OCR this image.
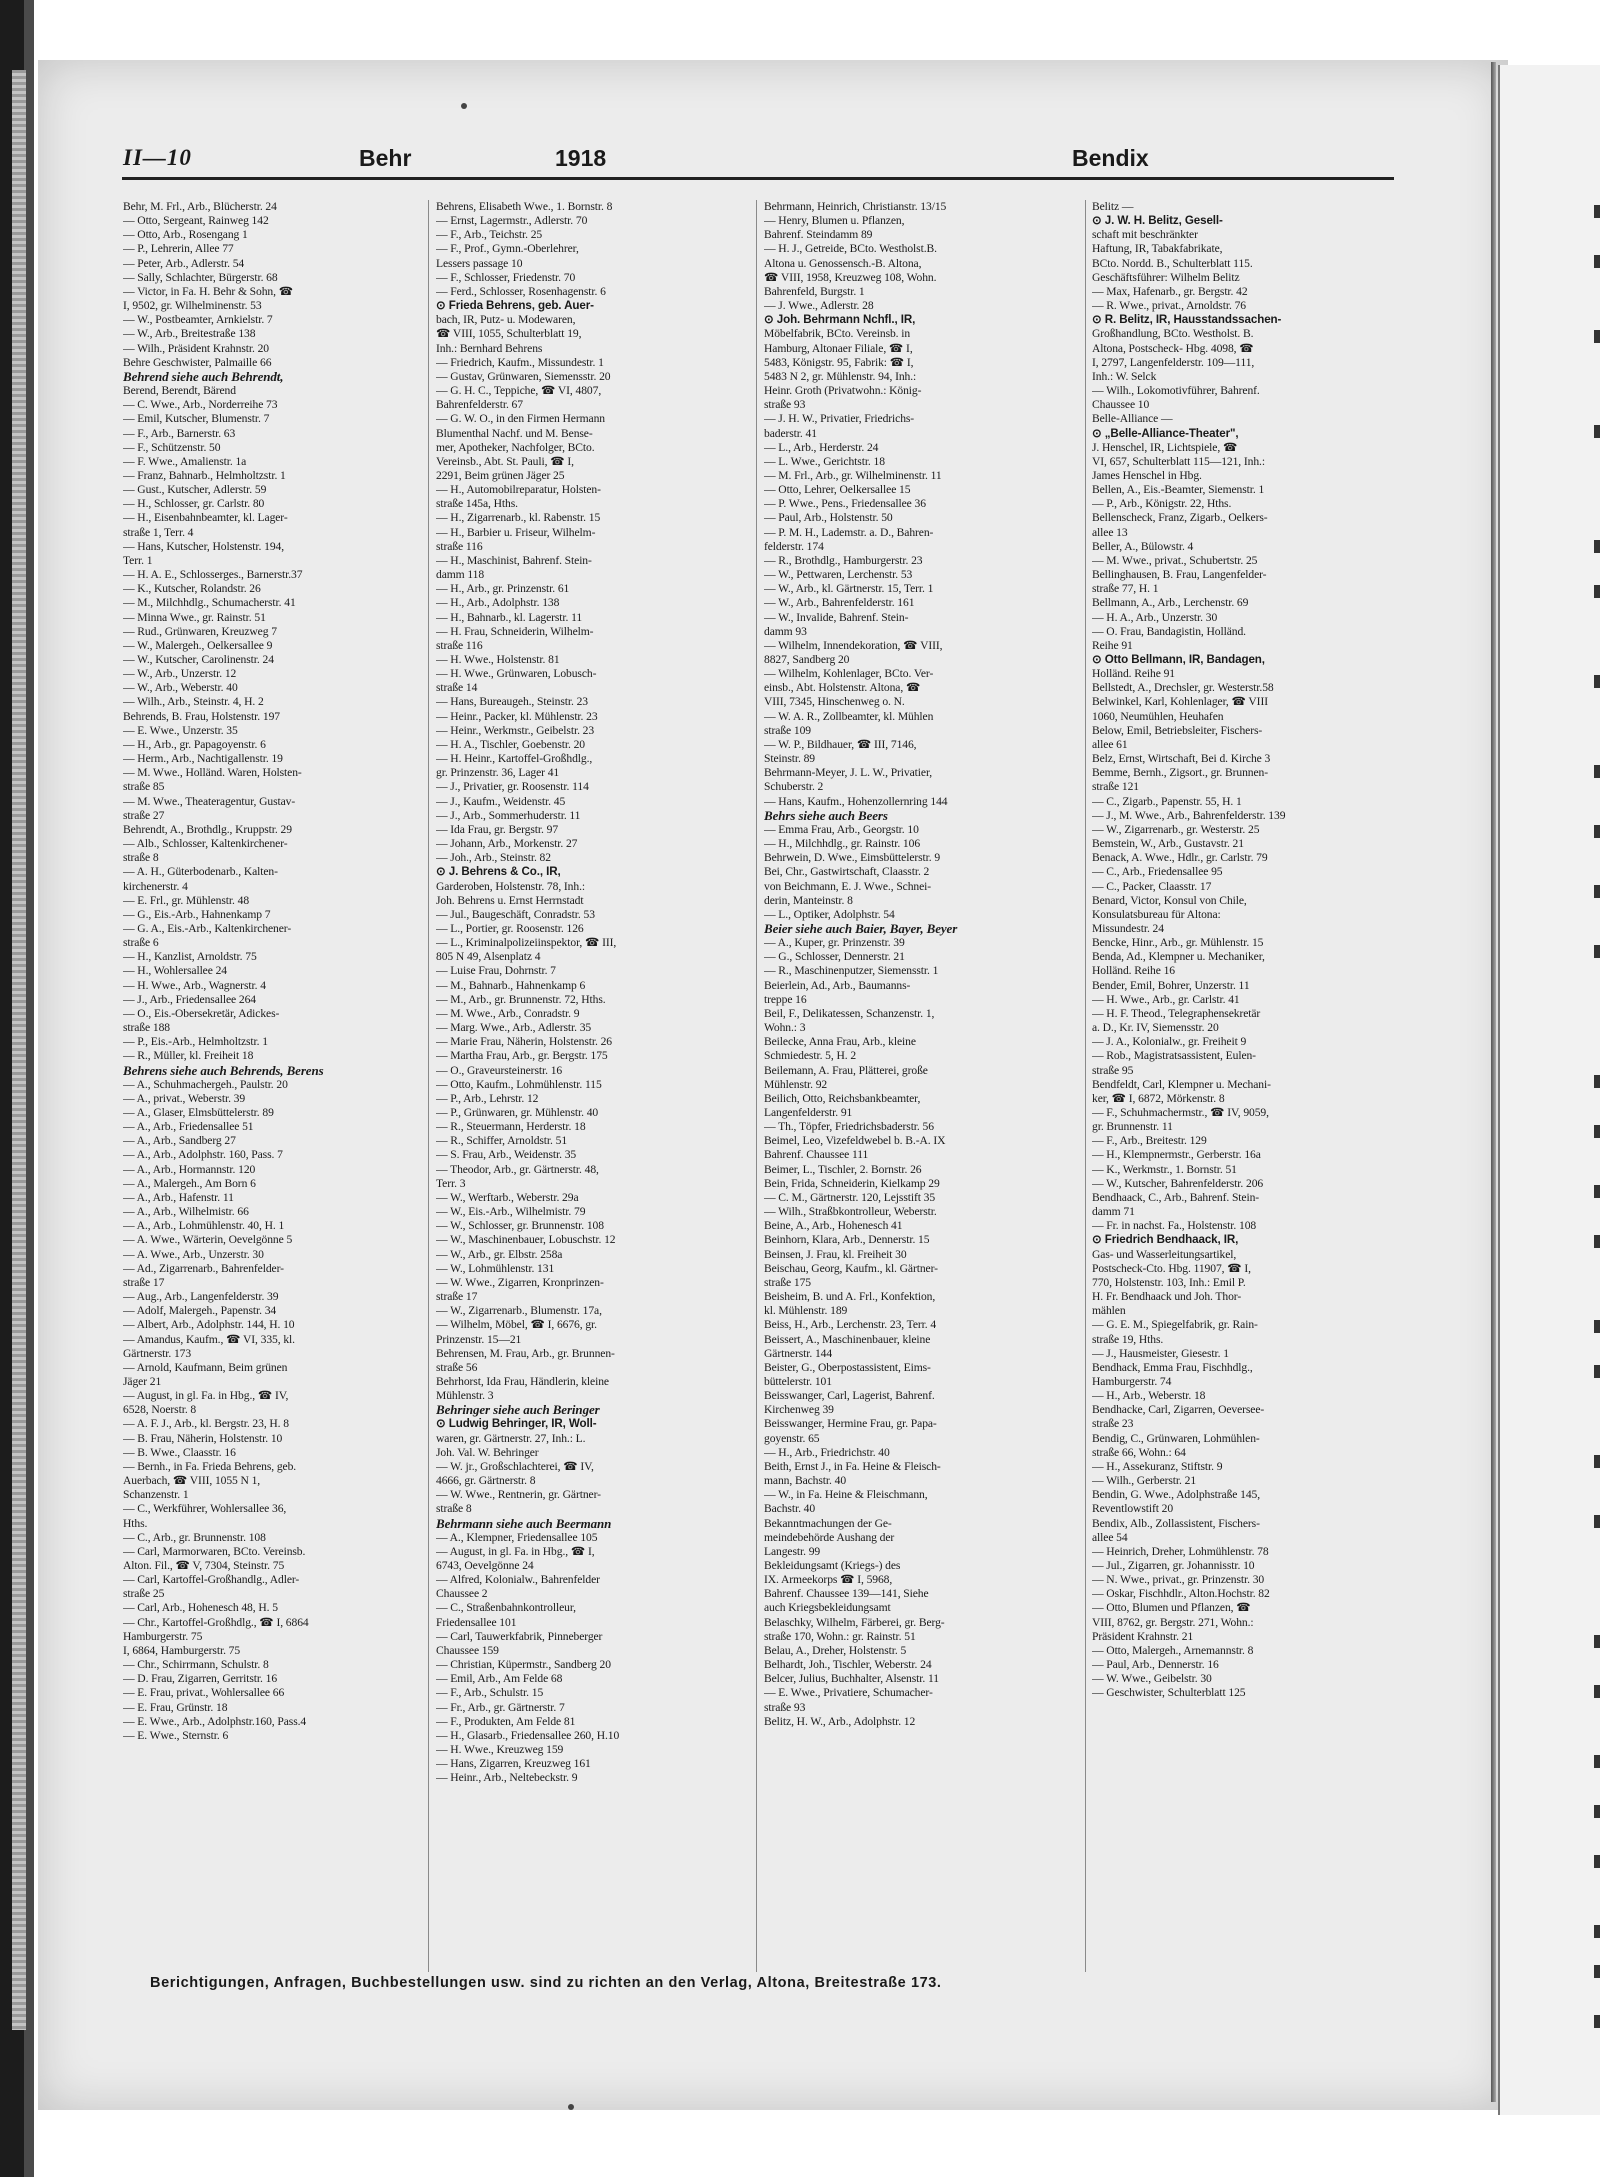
II—10	Behr	1918	Bendix
Behr, M. Frl., Arb., Blücherstr. 24
— Otto, Sergeant, Rainweg 142
— Otto, Arb., Rosengang 1
— P., Lehrerin, Allee 77
— Peter, Arb., Adlerstr. 54
— Sally, Schlachter, Bürgerstr. 68
— Victor, in Fa. H. Behr & Sohn, ☎
I, 9502, gr. Wilhelminenstr. 53
— W., Postbeamter, Arnkielstr. 7
— W., Arb., Breitestraße 138
— Wilh., Präsident Krahnstr. 20
Behre Geschwister, Palmaille 66
Behrend siehe auch Behrendt,
Berend, Berendt, Bärend
— C. Wwe., Arb., Norderreihe 73
— Emil, Kutscher, Blumenstr. 7
— F., Arb., Barnerstr. 63
— F., Schützenstr. 50
— F. Wwe., Amalienstr. 1a
— Franz, Bahnarb., Helmholtzstr. 1
— Gust., Kutscher, Adlerstr. 59
— H., Schlosser, gr. Carlstr. 80
— H., Eisenbahnbeamter, kl. Lager-
straße 1, Terr. 4
— Hans, Kutscher, Holstenstr. 194,
Terr. 1
— H. A. E., Schlosserges., Barnerstr.37
— K., Kutscher, Rolandstr. 26
— M., Milchhdlg., Schumacherstr. 41
— Minna Wwe., gr. Rainstr. 51
— Rud., Grünwaren, Kreuzweg 7
— W., Malergeh., Oelkersallee 9
— W., Kutscher, Carolinenstr. 24
— W., Arb., Unzerstr. 12
— W., Arb., Weberstr. 40
— Wilh., Arb., Steinstr. 4, H. 2
Behrends, B. Frau, Holstenstr. 197
— E. Wwe., Unzerstr. 35
— H., Arb., gr. Papagoyenstr. 6
— Herm., Arb., Nachtigallenstr. 19
— M. Wwe., Holländ. Waren, Holsten-
straße 85
— M. Wwe., Theateragentur, Gustav-
straße 27
Behrendt, A., Brothdlg., Kruppstr. 29
— Alb., Schlosser, Kaltenkirchener-
straße 8
— A. H., Güterbodenarb., Kalten-
kirchenerstr. 4
— E. Frl., gr. Mühlenstr. 48
— G., Eis.-Arb., Hahnenkamp 7
— G. A., Eis.-Arb., Kaltenkirchener-
straße 6
— H., Kanzlist, Arnoldstr. 75
— H., Wohlersallee 24
— H. Wwe., Arb., Wagnerstr. 4
— J., Arb., Friedensallee 264
— O., Eis.-Obersekretär, Adickes-
straße 188
— P., Eis.-Arb., Helmholtzstr. 1
— R., Müller, kl. Freiheit 18
Behrens siehe auch Behrends, Berens
— A., Schuhmachergeh., Paulstr. 20
— A., privat., Weberstr. 39
— A., Glaser, Elmsbüttelerstr. 89
— A., Arb., Friedensallee 51
— A., Arb., Sandberg 27
— A., Arb., Adolphstr. 160, Pass. 7
— A., Arb., Hormannstr. 120
— A., Malergeh., Am Born 6
— A., Arb., Hafenstr. 11
— A., Arb., Wilhelmistr. 66
— A., Arb., Lohmühlenstr. 40, H. 1
— A. Wwe., Wärterin, Oevelgönne 5
— A. Wwe., Arb., Unzerstr. 30
— Ad., Zigarrenarb., Bahrenfelder-
straße 17
— Aug., Arb., Langenfelderstr. 39
— Adolf, Malergeh., Papenstr. 34
— Albert, Arb., Adolphstr. 144, H. 10
— Amandus, Kaufm., ☎ VI, 335, kl.
Gärtnerstr. 173
— Arnold, Kaufmann, Beim grünen
Jäger 21
— August, in gl. Fa. in Hbg., ☎ IV,
6528, Noerstr. 8
— A. F. J., Arb., kl. Bergstr. 23, H. 8
— B. Frau, Näherin, Holstenstr. 10
— B. Wwe., Claasstr. 16
— Bernh., in Fa. Frieda Behrens, geb.
Auerbach, ☎ VIII, 1055 N 1,
Schanzenstr. 1
— C., Werkführer, Wohlersallee 36,
Hths.
— C., Arb., gr. Brunnenstr. 108
— Carl, Marmorwaren, BCto. Vereinsb.
Alton. Fil., ☎ V, 7304, Steinstr. 75
— Carl, Kartoffel-Großhandlg., Adler-
straße 25
— Carl, Arb., Hohenesch 48, H. 5
— Chr., Kartoffel-Großhdlg., ☎ I, 6864
Hamburgerstr. 75
I, 6864, Hamburgerstr. 75
— Chr., Schirrmann, Schulstr. 8
— D. Frau, Zigarren, Gerritstr. 16
— E. Frau, privat., Wohlersallee 66
— E. Frau, Grünstr. 18
— E. Wwe., Arb., Adolphstr.160, Pass.4
— E. Wwe., Sternstr. 6
Behrens, Elisabeth Wwe., 1. Bornstr. 8
— Ernst, Lagermstr., Adlerstr. 70
— F., Arb., Teichstr. 25
— F., Prof., Gymn.-Oberlehrer,
Lessers passage 10
— F., Schlosser, Friedenstr. 70
— Ferd., Schlosser, Rosenhagenstr. 6
⊙ Frieda Behrens, geb. Auer-
bach, IR, Putz- u. Modewaren,
☎ VIII, 1055, Schulterblatt 19,
Inh.: Bernhard Behrens
— Friedrich, Kaufm., Missundestr. 1
— Gustav, Grünwaren, Siemensstr. 20
— G. H. C., Teppiche, ☎ VI, 4807,
Bahrenfelderstr. 67
— G. W. O., in den Firmen Hermann
Blumenthal Nachf. und M. Bense-
mer, Apotheker, Nachfolger, BCto.
Vereinsb., Abt. St. Pauli, ☎ I,
2291, Beim grünen Jäger 25
— H., Automobilreparatur, Holsten-
straße 145a, Hths.
— H., Zigarrenarb., kl. Rabenstr. 15
— H., Barbier u. Friseur, Wilhelm-
straße 116
— H., Maschinist, Bahrenf. Stein-
damm 118
— H., Arb., gr. Prinzenstr. 61
— H., Arb., Adolphstr. 138
— H., Bahnarb., kl. Lagerstr. 11
— H. Frau, Schneiderin, Wilhelm-
straße 116
— H. Wwe., Holstenstr. 81
— H. Wwe., Grünwaren, Lobusch-
straße 14
— Hans, Bureaugeh., Steinstr. 23
— Heinr., Packer, kl. Mühlenstr. 23
— Heinr., Werkmstr., Geibelstr. 23
— H. A., Tischler, Goebenstr. 20
— H. Heinr., Kartoffel-Großhdlg.,
gr. Prinzenstr. 36, Lager 41
— J., Privatier, gr. Roosenstr. 114
— J., Kaufm., Weidenstr. 45
— J., Arb., Sommerhuderstr. 11
— Ida Frau, gr. Bergstr. 97
— Johann, Arb., Morkenstr. 27
— Joh., Arb., Steinstr. 82
⊙ J. Behrens & Co., IR,
Garderoben, Holstenstr. 78, Inh.:
Joh. Behrens u. Ernst Herrnstadt
— Jul., Baugeschäft, Conradstr. 53
— L., Portier, gr. Roosenstr. 126
— L., Kriminalpolizeiinspektor, ☎ III,
805 N 49, Alsenplatz 4
— Luise Frau, Dohrnstr. 7
— M., Bahnarb., Hahnenkamp 6
— M., Arb., gr. Brunnenstr. 72, Hths.
— M. Wwe., Arb., Conradstr. 9
— Marg. Wwe., Arb., Adlerstr. 35
— Marie Frau, Näherin, Holstenstr. 26
— Martha Frau, Arb., gr. Bergstr. 175
— O., Graveursteinerstr. 16
— Otto, Kaufm., Lohmühlenstr. 115
— P., Arb., Lehrstr. 12
— P., Grünwaren, gr. Mühlenstr. 40
— R., Steuermann, Herderstr. 18
— R., Schiffer, Arnoldstr. 51
— S. Frau, Arb., Weidenstr. 35
— Theodor, Arb., gr. Gärtnerstr. 48,
Terr. 3
— W., Werftarb., Weberstr. 29a
— W., Eis.-Arb., Wilhelmistr. 79
— W., Schlosser, gr. Brunnenstr. 108
— W., Maschinenbauer, Lobuschstr. 12
— W., Arb., gr. Elbstr. 258a
— W., Lohmühlenstr. 131
— W. Wwe., Zigarren, Kronprinzen-
straße 17
— W., Zigarrenarb., Blumenstr. 17a,
— Wilhelm, Möbel, ☎ I, 6676, gr.
Prinzenstr. 15—21
Behrensen, M. Frau, Arb., gr. Brunnen-
straße 56
Behrhorst, Ida Frau, Händlerin, kleine
Mühlenstr. 3
Behringer siehe auch Beringer
⊙ Ludwig Behringer, IR, Woll-
waren, gr. Gärtnerstr. 27, Inh.: L.
Joh. Val. W. Behringer
— W. jr., Großschlachterei, ☎ IV,
4666, gr. Gärtnerstr. 8
— W. Wwe., Rentnerin, gr. Gärtner-
straße 8
Behrmann siehe auch Beermann
— A., Klempner, Friedensallee 105
— August, in gl. Fa. in Hbg., ☎ I,
6743, Oevelgönne 24
— Alfred, Kolonialw., Bahrenfelder
Chaussee 2
— C., Straßenbahnkontrolleur,
Friedensallee 101
— Carl, Tauwerkfabrik, Pinneberger
Chaussee 159
— Christian, Küpermstr., Sandberg 20
— Emil, Arb., Am Felde 68
— F., Arb., Schulstr. 15
— Fr., Arb., gr. Gärtnerstr. 7
— F., Produkten, Am Felde 81
— H., Glasarb., Friedensallee 260, H.10
— H. Wwe., Kreuzweg 159
— Hans, Zigarren, Kreuzweg 161
— Heinr., Arb., Neltebeckstr. 9
Behrmann, Heinrich, Christianstr. 13/15
— Henry, Blumen u. Pflanzen,
Bahrenf. Steindamm 89
— H. J., Getreide, BCto. Westholst.B.
Altona u. Genossensch.-B. Altona,
☎ VIII, 1958, Kreuzweg 108, Wohn.
Bahrenfeld, Burgstr. 1
— J. Wwe., Adlerstr. 28
⊙ Joh. Behrmann Nchfl., IR,
Möbelfabrik, BCto. Vereinsb. in
Hamburg, Altonaer Filiale, ☎ I,
5483, Königstr. 95, Fabrik: ☎ I,
5483 N 2, gr. Mühlenstr. 94, Inh.:
Heinr. Groth (Privatwohn.: König-
straße 93
— J. H. W., Privatier, Friedrichs-
baderstr. 41
— L., Arb., Herderstr. 24
— L. Wwe., Gerichtstr. 18
— M. Frl., Arb., gr. Wilhelminenstr. 11
— Otto, Lehrer, Oelkersallee 15
— P. Wwe., Pens., Friedensallee 36
— Paul, Arb., Holstenstr. 50
— P. M. H., Lademstr. a. D., Bahren-
felderstr. 174
— R., Brothdlg., Hamburgerstr. 23
— W., Pettwaren, Lerchenstr. 53
— W., Arb., kl. Gärtnerstr. 15, Terr. 1
— W., Arb., Bahrenfelderstr. 161
— W., Invalide, Bahrenf. Stein-
damm 93
— Wilhelm, Innendekoration, ☎ VIII,
8827, Sandberg 20
— Wilhelm, Kohlenlager, BCto. Ver-
einsb., Abt. Holstenstr. Altona, ☎
VIII, 7345, Hinschenweg o. N.
— W. A. R., Zollbeamter, kl. Mühlen
straße 109
— W. P., Bildhauer, ☎ III, 7146,
Steinstr. 89
Behrmann-Meyer, J. L. W., Privatier,
Schuberstr. 2
— Hans, Kaufm., Hohenzollernring 144
Behrs siehe auch Beers
— Emma Frau, Arb., Georgstr. 10
— H., Milchhdlg., gr. Rainstr. 106
Behrwein, D. Wwe., Eimsbüttelerstr. 9
Bei, Chr., Gastwirtschaft, Claasstr. 2
von Beichmann, E. J. Wwe., Schnei-
derin, Manteinstr. 8
— L., Optiker, Adolphstr. 54
Beier siehe auch Baier, Bayer, Beyer
— A., Kuper, gr. Prinzenstr. 39
— G., Schlosser, Dennerstr. 21
— R., Maschinenputzer, Siemensstr. 1
Beierlein, Ad., Arb., Baumanns-
treppe 16
Beil, F., Delikatessen, Schanzenstr. 1,
Wohn.: 3
Beilecke, Anna Frau, Arb., kleine
Schmiedestr. 5, H. 2
Beilemann, A. Frau, Plätterei, große
Mühlenstr. 92
Beilich, Otto, Reichsbankbeamter,
Langenfelderstr. 91
— Th., Töpfer, Friedrichsbaderstr. 56
Beimel, Leo, Vizefeldwebel b. B.-A. IX
Bahrenf. Chaussee 111
Beimer, L., Tischler, 2. Bornstr. 26
Bein, Frida, Schneiderin, Kielkamp 29
— C. M., Gärtnerstr. 120, Lejsstift 35
— Wilh., Straßbkontrolleur, Weberstr.
Beine, A., Arb., Hohenesch 41
Beinhorn, Klara, Arb., Dennerstr. 15
Beinsen, J. Frau, kl. Freiheit 30
Beischau, Georg, Kaufm., kl. Gärtner-
straße 175
Beisheim, B. und A. Frl., Konfektion,
kl. Mühlenstr. 189
Beiss, H., Arb., Lerchenstr. 23, Terr. 4
Beissert, A., Maschinenbauer, kleine
Gärtnerstr. 144
Beister, G., Oberpostassistent, Eims-
büttelerstr. 101
Beisswanger, Carl, Lagerist, Bahrenf.
Kirchenweg 39
Beisswanger, Hermine Frau, gr. Papa-
goyenstr. 65
— H., Arb., Friedrichstr. 40
Beith, Ernst J., in Fa. Heine & Fleisch-
mann, Bachstr. 40
— W., in Fa. Heine & Fleischmann,
Bachstr. 40
Bekanntmachungen der Ge-
meindebehörde Aushang der
Langestr. 99
Bekleidungsamt (Kriegs-) des
IX. Armeekorps ☎ I, 5968,
Bahrenf. Chaussee 139—141, Siehe
auch Kriegsbekleidungsamt
Belaschky, Wilhelm, Färberei, gr. Berg-
straße 170, Wohn.: gr. Rainstr. 51
Belau, A., Dreher, Holstenstr. 5
Belhardt, Joh., Tischler, Weberstr. 24
Belcer, Julius, Buchhalter, Alsenstr. 11
— E. Wwe., Privatiere, Schumacher-
straße 93
Belitz, H. W., Arb., Adolphstr. 12
Belitz —
⊙ J. W. H. Belitz, Gesell-
schaft mit beschränkter
Haftung, IR, Tabakfabrikate,
BCto. Nordd. B., Schulterblatt 115.
Geschäftsführer: Wilhelm Belitz
— Max, Hafenarb., gr. Bergstr. 42
— R. Wwe., privat., Arnoldstr. 76
⊙ R. Belitz, IR, Hausstandssachen-
Großhandlung, BCto. Westholst. B.
Altona, Postscheck- Hbg. 4098, ☎
I, 2797, Langenfelderstr. 109—111,
Inh.: W. Selck
— Wilh., Lokomotivführer, Bahrenf.
Chaussee 10
Belle-Alliance —
⊙ „Belle-Alliance-Theater",
J. Henschel, IR, Lichtspiele, ☎
VI, 657, Schulterblatt 115—121, Inh.:
James Henschel in Hbg.
Bellen, A., Eis.-Beamter, Siemenstr. 1
— P., Arb., Königstr. 22, Hths.
Bellenscheck, Franz, Zigarb., Oelkers-
allee 13
Beller, A., Bülowstr. 4
— M. Wwe., privat., Schubertstr. 25
Bellinghausen, B. Frau, Langenfelder-
straße 77, H. 1
Bellmann, A., Arb., Lerchenstr. 69
— H. A., Arb., Unzerstr. 30
— O. Frau, Bandagistin, Holländ.
Reihe 91
⊙ Otto Bellmann, IR, Bandagen,
Holländ. Reihe 91
Bellstedt, A., Drechsler, gr. Westerstr.58
Belwinkel, Karl, Kohlenlager, ☎ VIII
1060, Neumühlen, Heuhafen
Below, Emil, Betriebsleiter, Fischers-
allee 61
Belz, Ernst, Wirtschaft, Bei d. Kirche 3
Bemme, Bernh., Zigsort., gr. Brunnen-
straße 121
— C., Zigarb., Papenstr. 55, H. 1
— J., M. Wwe., Arb., Bahrenfelderstr. 139
— W., Zigarrenarb., gr. Westerstr. 25
Bemstein, W., Arb., Gustavstr. 21
Benack, A. Wwe., Hdlr., gr. Carlstr. 79
— C., Arb., Friedensallee 95
— C., Packer, Claasstr. 17
Benard, Victor, Konsul von Chile,
Konsulatsbureau für Altona:
Missundestr. 24
Bencke, Hinr., Arb., gr. Mühlenstr. 15
Benda, Ad., Klempner u. Mechaniker,
Holländ. Reihe 16
Bender, Emil, Bohrer, Unzerstr. 11
— H. Wwe., Arb., gr. Carlstr. 41
— H. F. Theod., Telegraphensekretär
a. D., Kr. IV, Siemensstr. 20
— J. A., Kolonialw., gr. Freiheit 9
— Rob., Magistratsassistent, Eulen-
straße 95
Bendfeldt, Carl, Klempner u. Mechani-
ker, ☎ I, 6872, Mörkenstr. 8
— F., Schuhmachermstr., ☎ IV, 9059,
gr. Brunnenstr. 11
— F., Arb., Breitestr. 129
— H., Klempnermstr., Gerberstr. 16a
— K., Werkmstr., 1. Bornstr. 51
— W., Kutscher, Bahrenfelderstr. 206
Bendhaack, C., Arb., Bahrenf. Stein-
damm 71
— Fr. in nachst. Fa., Holstenstr. 108
⊙ Friedrich Bendhaack, IR,
Gas- und Wasserleitungsartikel,
Postscheck-Cto. Hbg. 11907, ☎ I,
770, Holstenstr. 103, Inh.: Emil P.
H. Fr. Bendhaack und Joh. Thor-
mählen
— G. E. M., Spiegelfabrik, gr. Rain-
straße 19, Hths.
— J., Hausmeister, Giesestr. 1
Bendhack, Emma Frau, Fischhdlg.,
Hamburgerstr. 74
— H., Arb., Weberstr. 18
Bendhacke, Carl, Zigarren, Oeversee-
straße 23
Bendig, C., Grünwaren, Lohmühlen-
straße 66, Wohn.: 64
— H., Assekuranz, Stiftstr. 9
— Wilh., Gerberstr. 21
Bendin, G. Wwe., Adolphstraße 145,
Reventlowstift 20
Bendix, Alb., Zollassistent, Fischers-
allee 54
— Heinrich, Dreher, Lohmühlenstr. 78
— Jul., Zigarren, gr. Johannisstr. 10
— N. Wwe., privat., gr. Prinzenstr. 30
— Oskar, Fischhdlr., Alton.Hochstr. 82
— Otto, Blumen und Pflanzen, ☎
VIII, 8762, gr. Bergstr. 271, Wohn.:
Präsident Krahnstr. 21
— Otto, Malergeh., Arnemannstr. 8
— Paul, Arb., Dennerstr. 16
— W. Wwe., Geibelstr. 30
— Geschwister, Schulterblatt 125
Berichtigungen, Anfragen, Buchbestellungen usw. sind zu richten an den Verlag, Altona, Breitestraße 173.
